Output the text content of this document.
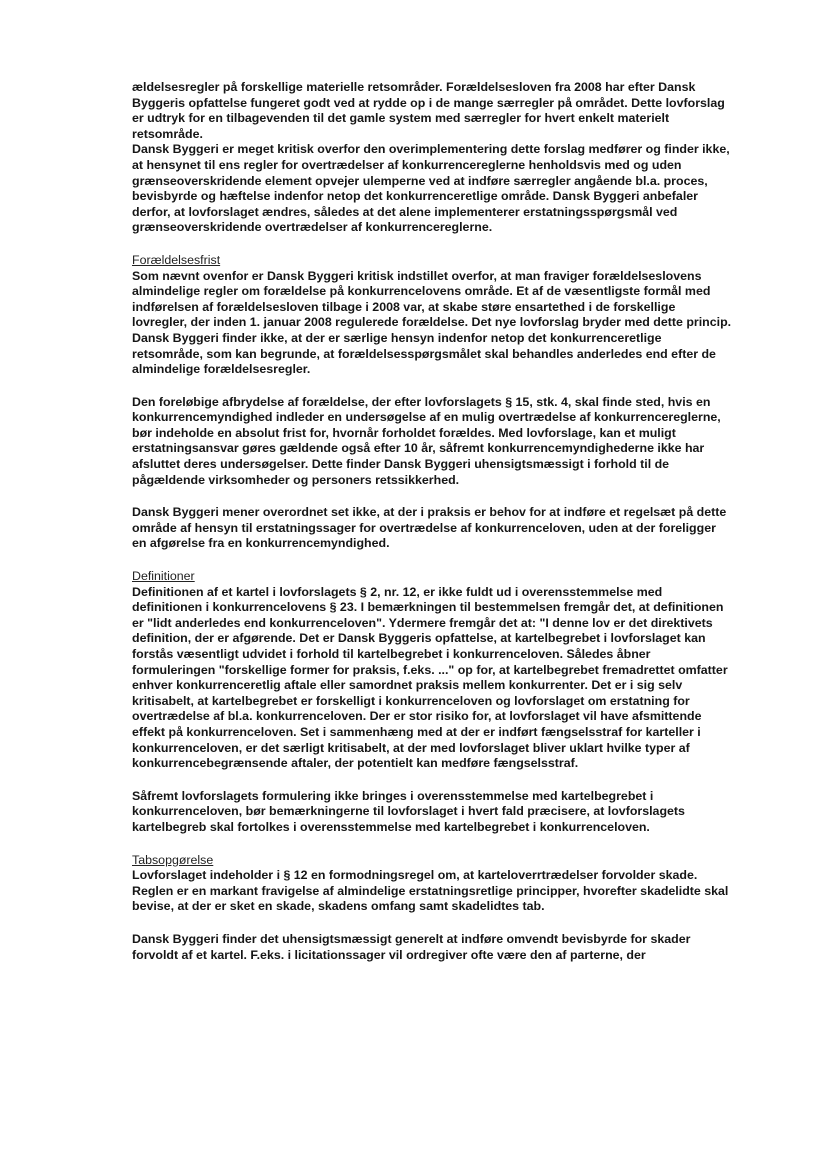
ældelsesregler på forskellige materielle retsområder. Forældelsesloven fra 2008 har efter Dansk Byggeris opfattelse fungeret godt ved at rydde op i de mange særregler på området. Dette lovforslag er udtryk for en tilbagevenden til det gamle system med særregler for hvert enkelt materielt retsområde.

Dansk Byggeri er meget kritisk overfor den overimplementering dette forslag medfører og finder ikke, at hensynet til ens regler for overtrædelser af konkurrencereglerne henholdsvis med og uden grænseoverskridende element opvejer ulemperne ved at indføre særregler angående bl.a. proces, bevisbyrde og hæftelse indenfor netop det konkurrenceretlige område. Dansk Byggeri anbefaler derfor, at lovforslaget ændres, således at det alene implementerer erstatningsspørgsmål ved grænseoverskridende overtrædelser af konkurrencereglerne.

Forældelsesfrist

Som nævnt ovenfor er Dansk Byggeri kritisk indstillet overfor, at man fraviger forældelseslovens almindelige regler om forældelse på konkurrencelovens område. Et af de væsentligste formål med indførelsen af forældelsesloven tilbage i 2008 var, at skabe støre ensartethed i de forskellige lovregler, der inden 1. januar 2008 regulerede forældelse. Det nye lovforslag bryder med dette princip. Dansk Byggeri finder ikke, at der er særlige hensyn indenfor netop det konkurrenceretlige retsområde, som kan begrunde, at forældelsesspørgsmålet skal behandles anderledes end efter de almindelige forældelsesregler.

Den foreløbige afbrydelse af forældelse, der efter lovforslagets § 15, stk. 4, skal finde sted, hvis en konkurrencemyndighed indleder en undersøgelse af en mulig overtrædelse af konkurrencereglerne, bør indeholde en absolut frist for, hvornår forholdet forældes. Med lovforslage, kan et muligt erstatningsansvar gøres gældende også efter 10 år, såfremt konkurrencemyndighederne ikke har afsluttet deres undersøgelser. Dette finder Dansk Byggeri uhensigtsmæssigt i forhold til de pågældende virksomheder og personers retssikkerhed.

Dansk Byggeri mener overordnet set ikke, at der i praksis er behov for at indføre et regelsæt på dette område af hensyn til erstatningssager for overtrædelse af konkurrenceloven, uden at der foreligger en afgørelse fra en konkurrencemyndighed.

Definitioner

Definitionen af et kartel i lovforslagets § 2, nr. 12, er ikke fuldt ud i overensstemmelse med definitionen i konkurrencelovens § 23. I bemærkningen til bestemmelsen fremgår det, at definitionen er "lidt anderledes end konkurrenceloven". Ydermere fremgår det at: "I denne lov er det direktivets definition, der er afgørende. Det er Dansk Byggeris opfattelse, at kartelbegrebet i lovforslaget kan forstås væsentligt udvidet i forhold til kartelbegrebet i konkurrenceloven. Således åbner formuleringen "forskellige former for praksis, f.eks. ..." op for, at kartelbegrebet fremadrettet omfatter enhver konkurrenceretlig aftale eller samordnet praksis mellem konkurrenter. Det er i sig selv kritisabelt, at kartelbegrebet er forskelligt i konkurrenceloven og lovforslaget om erstatning for overtrædelse af bl.a. konkurrenceloven. Der er stor risiko for, at lovforslaget vil have afsmittende effekt på konkurrenceloven. Set i sammenhæng med at der er indført fængselsstraf for karteller i konkurrenceloven, er det særligt kritisabelt, at der med lovforslaget bliver uklart hvilke typer af konkurrencebegrænsende aftaler, der potentielt kan medføre fængselsstraf.

Såfremt lovforslagets formulering ikke bringes i overensstemmelse med kartelbegrebet i konkurrenceloven, bør bemærkningerne til lovforslaget i hvert fald præcisere, at lovforslagets kartelbegreb skal fortolkes i overensstemmelse med kartelbegrebet i konkurrenceloven.

Tabsopgørelse

Lovforslaget indeholder i § 12 en formodningsregel om, at karteloverrtrædelser forvolder skade. Reglen er en markant fravigelse af almindelige erstatningsretlige principper, hvorefter skadelidte skal bevise, at der er sket en skade, skadens omfang samt skadelidtes tab.

Dansk Byggeri finder det uhensigtsmæssigt generelt at indføre omvendt bevisbyrde for skader forvoldt af et kartel. F.eks. i licitationssager vil ordregiver ofte være den af parterne, der
